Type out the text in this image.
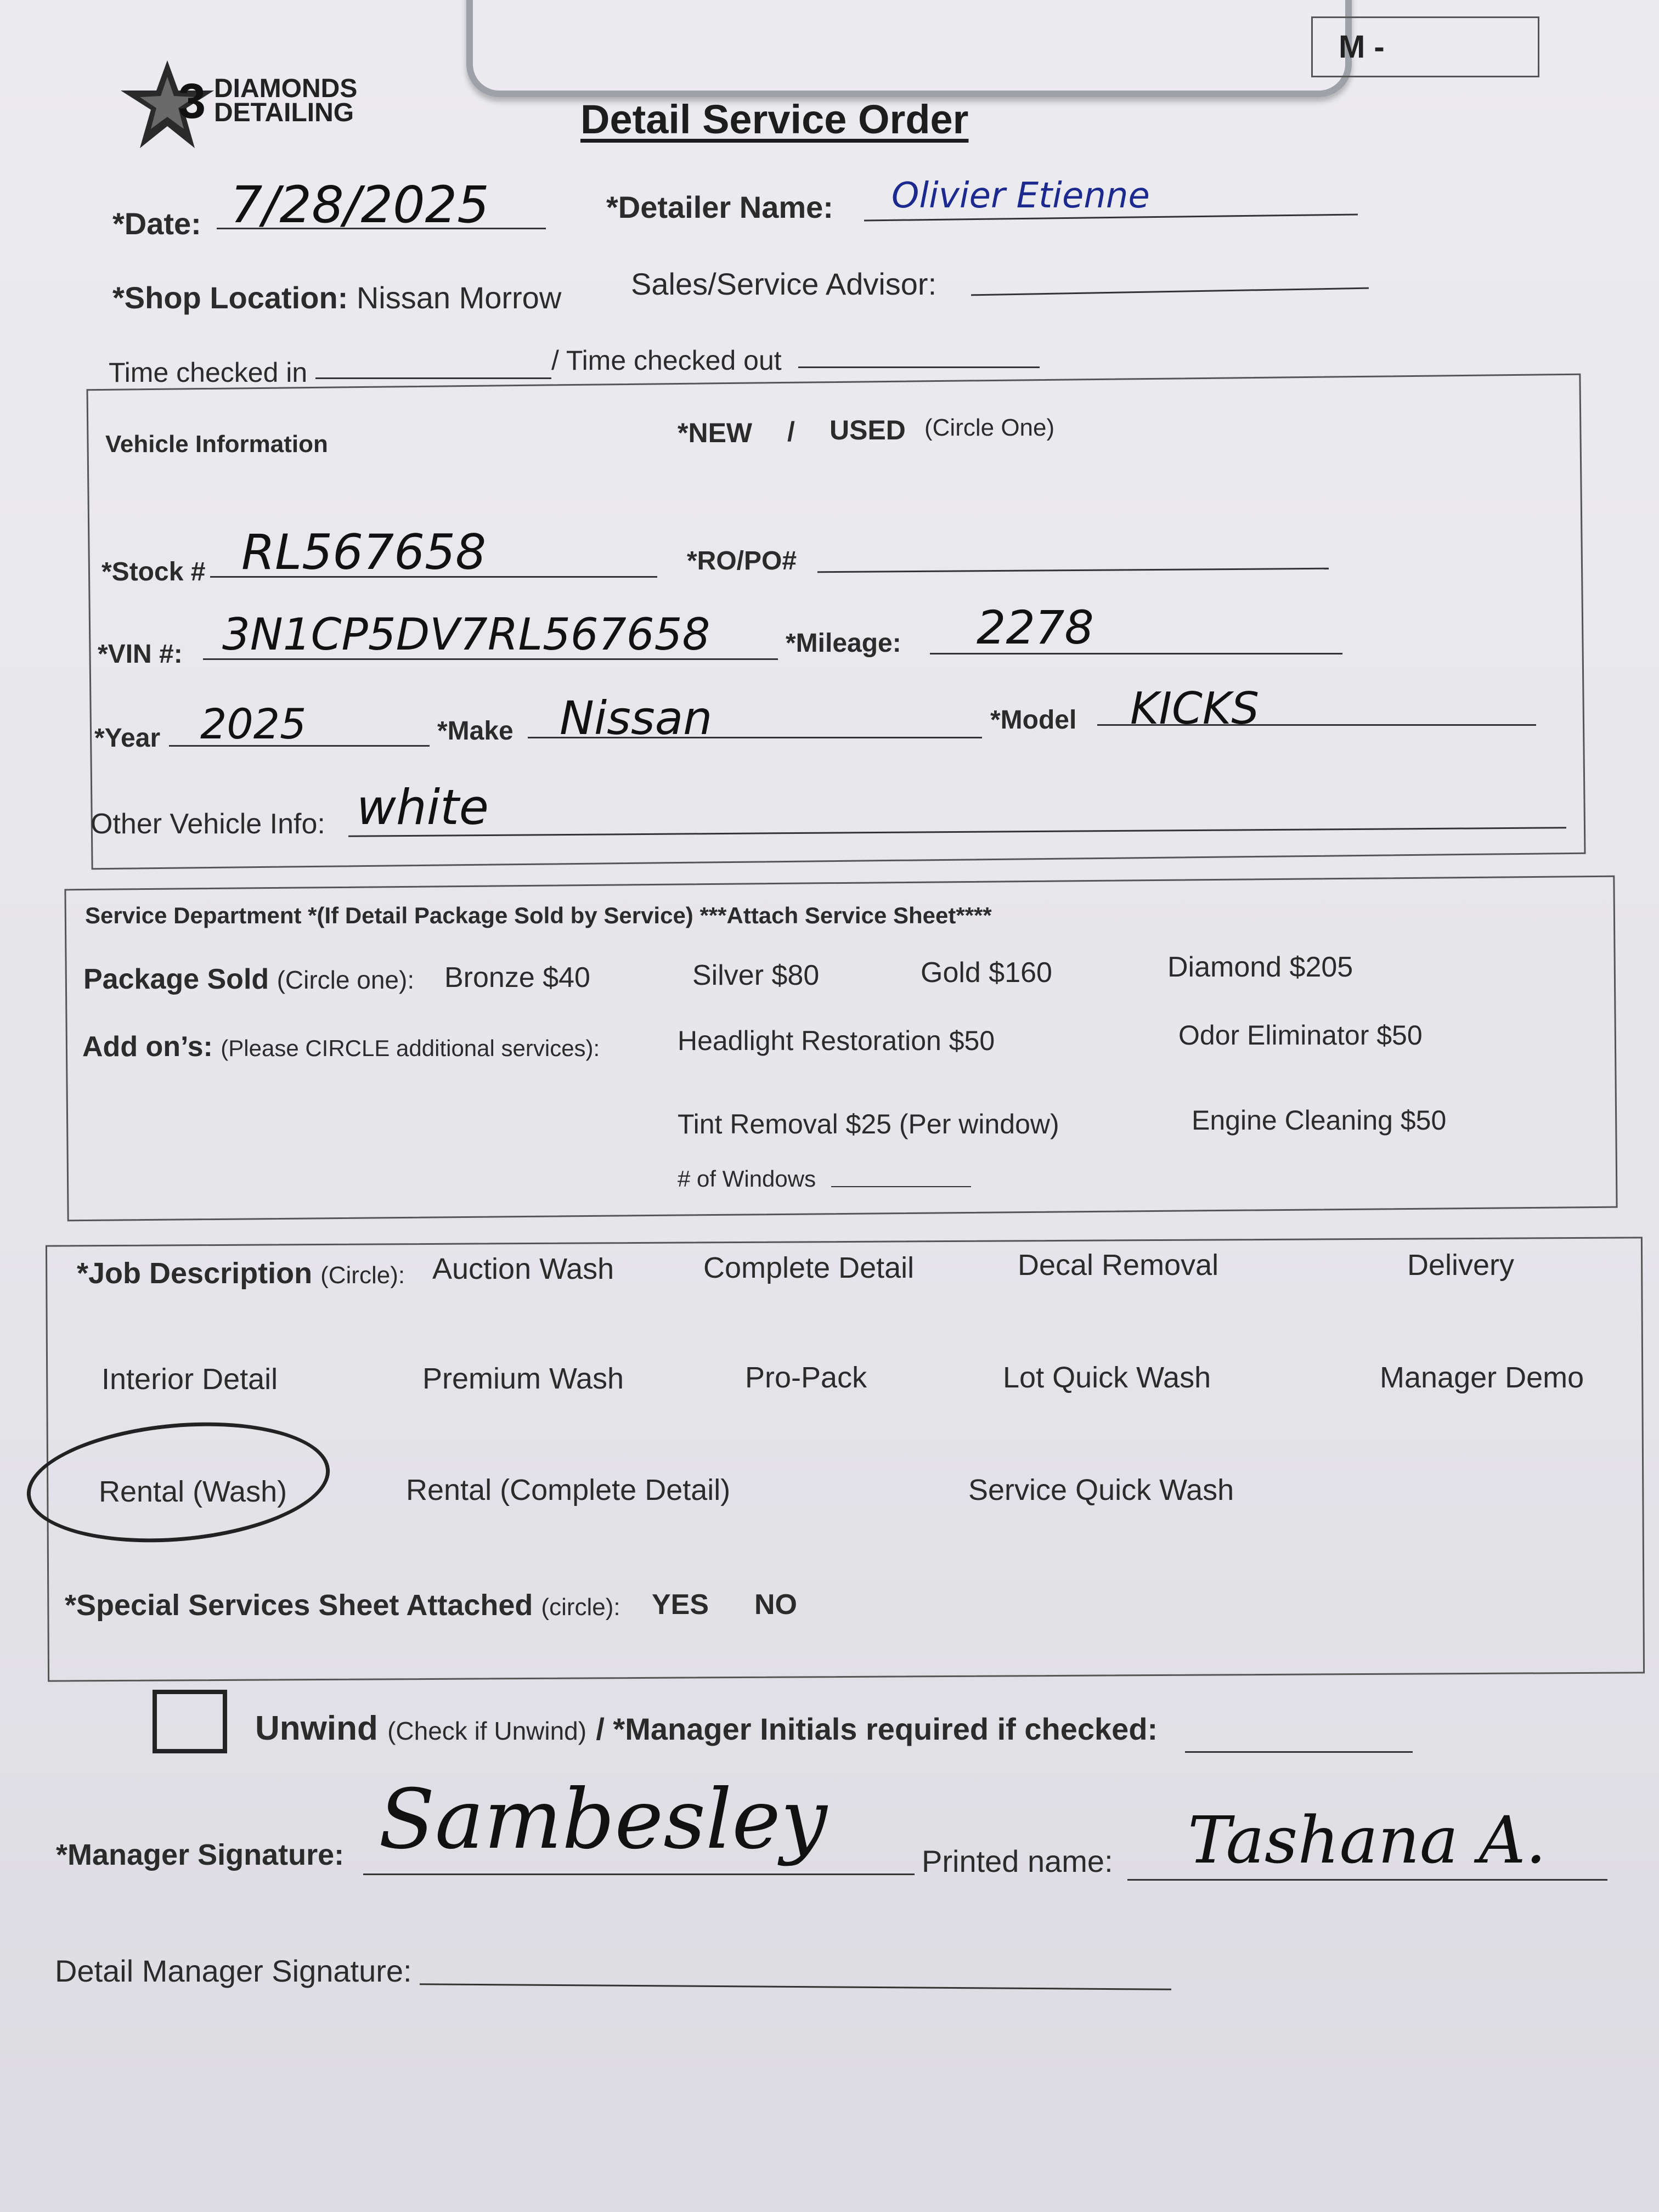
M -
3 DIAMONDS
DETAILING	Detail Service Order
*Date: 7/28/2025	*Detailer Name: Olivier Etienne
*Shop Location: Nissan Morrow Sales/Service Advisor:
Time checked in	/ Time checked out
Vehicle Information	*NEW / USED (Circle One)
*Stock # RL567658	*RO/PO#
*VIN #: 3N1CP5DV7RL567658	*Mileage: 2278
*Year 2025	*Make Nissan	*Model KICKS
Other Vehicle Info: white
Service Department *(If Detail Package Sold by Service) ***Attach Service Sheet****
Package Sold (Circle one): Bronze $40	Silver $80	Gold $160	Diamond $205
Add on’s: (Please CIRCLE additional services):	Headlight Restoration $50	Odor Eliminator $50
Tint Removal $25 (Per window)	Engine Cleaning $50
# of Windows
*Job Description (Circle): Auction Wash	Complete Detail	Decal Removal	Delivery
Interior Detail	Premium Wash	Pro-Pack	Lot Quick Wash	Manager Demo
Rental (Wash)	Rental (Complete Detail)	Service Quick Wash
*Special Services Sheet Attached (circle): YES NO
Unwind (Check if Unwind) / *Manager Initials required if checked:
*Manager Signature: Sambesley	Printed name: Tashana A.
Detail Manager Signature:
